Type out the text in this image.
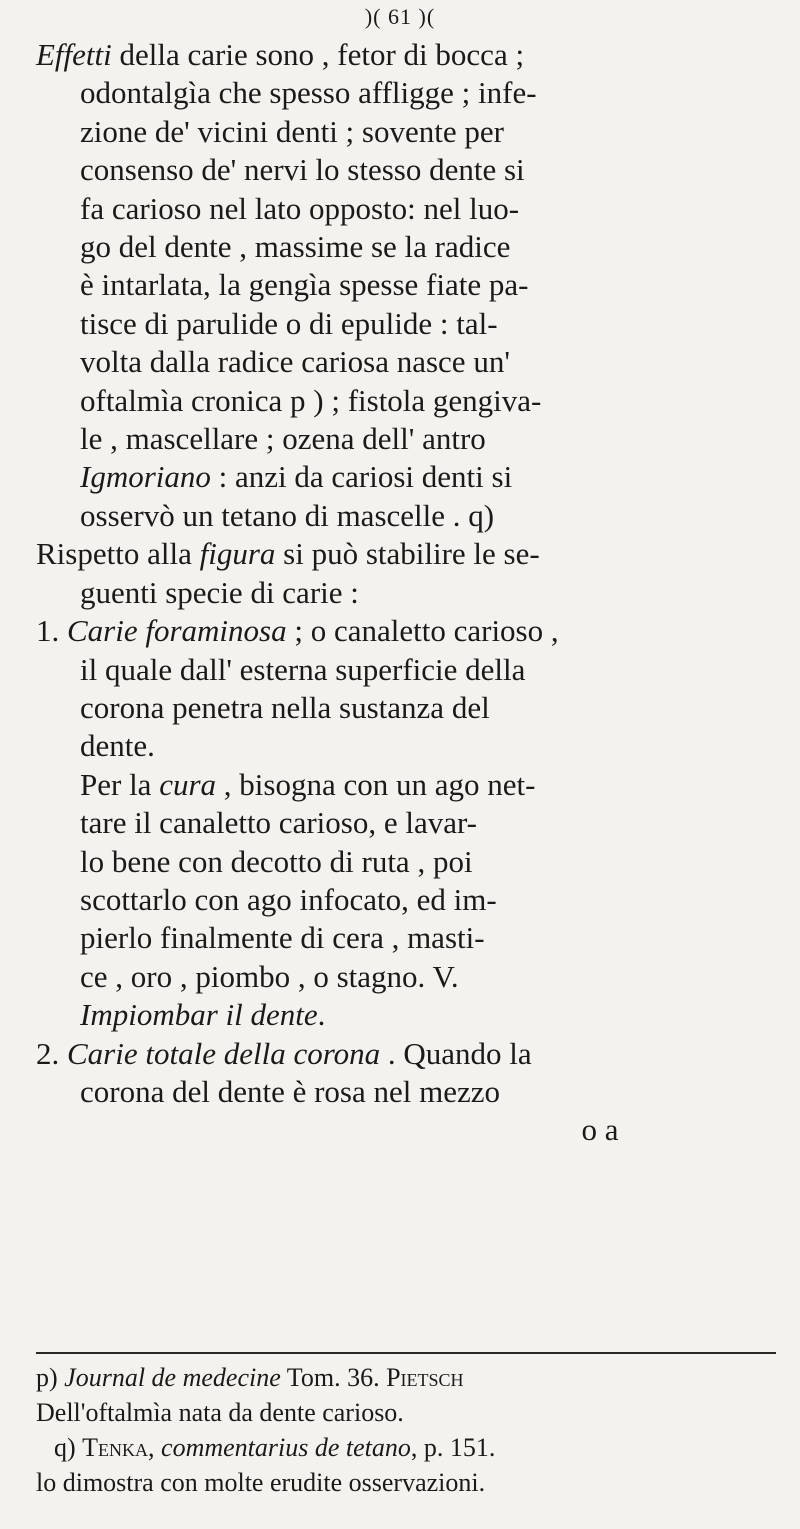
)( 61 )(
Effetti della carie sono , fetor di bocca ;
odontalgìa che spesso affligge ; infe-
zione de' vicini denti ; sovente per
consenso de' nervi lo stesso dente si
fa carioso nel lato opposto: nel luo-
go del dente , massime se la radice
è intarlata, la gengìa spesse fiate pa-
tisce di parulide o di epulide : tal-
volta dalla radice cariosa nasce un'
oftalmìa cronica p ) ; fistola gengiva-
le , mascellare ; ozena dell' antro
Igmoriano : anzi da cariosi denti si
osservò un tetano di mascelle . q)
Rispetto alla figura si può stabilire le se-
guenti specie di carie :
1. Carie foraminosa ; o canaletto carioso ,
il quale dall' esterna superficie della
corona penetra nella sustanza del
dente.
Per la cura , bisogna con un ago net-
tare il canaletto carioso, e lavar-
lo bene con decotto di ruta , poi
scottarlo con ago infocato, ed im-
pierlo finalmente di cera , masti-
ce , oro , piombo , o stagno. V.
Impiombar il dente.
2. Carie totale della corona . Quando la
corona del dente è rosa nel mezzo
o a
p) Journal de medecine Tom. 36. Pietsch
Dell'oftalmìa nata da dente carioso.
q) Tenka, commentarius de tetano, p. 151.
lo dimostra con molte erudite osservazioni.
